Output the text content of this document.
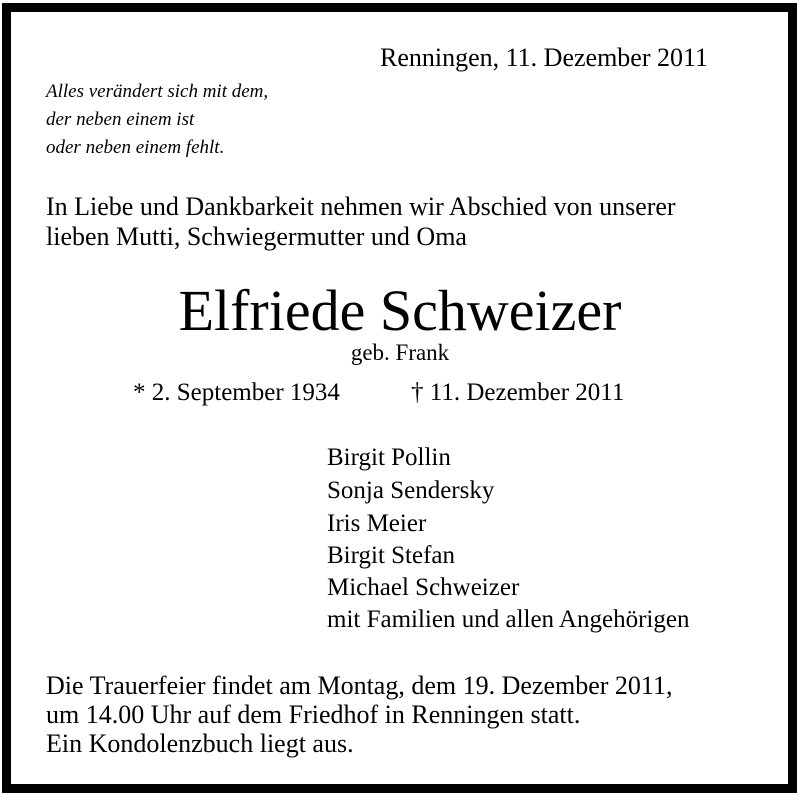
Renningen, 11. Dezember 2011
Alles verändert sich mit dem,
der neben einem ist
oder neben einem fehlt.
In Liebe und Dankbarkeit nehmen wir Abschied von unserer
lieben Mutti, Schwiegermutter und Oma
Elfriede Schweizer
geb. Frank
* 2. September 1934	† 11. Dezember 2011
Birgit Pollin
Sonja Sendersky
Iris Meier
Birgit Stefan
Michael Schweizer
mit Familien und allen Angehörigen
Die Trauerfeier findet am Montag, dem 19. Dezember 2011,
um 14.00 Uhr auf dem Friedhof in Renningen statt.
Ein Kondolenzbuch liegt aus.
